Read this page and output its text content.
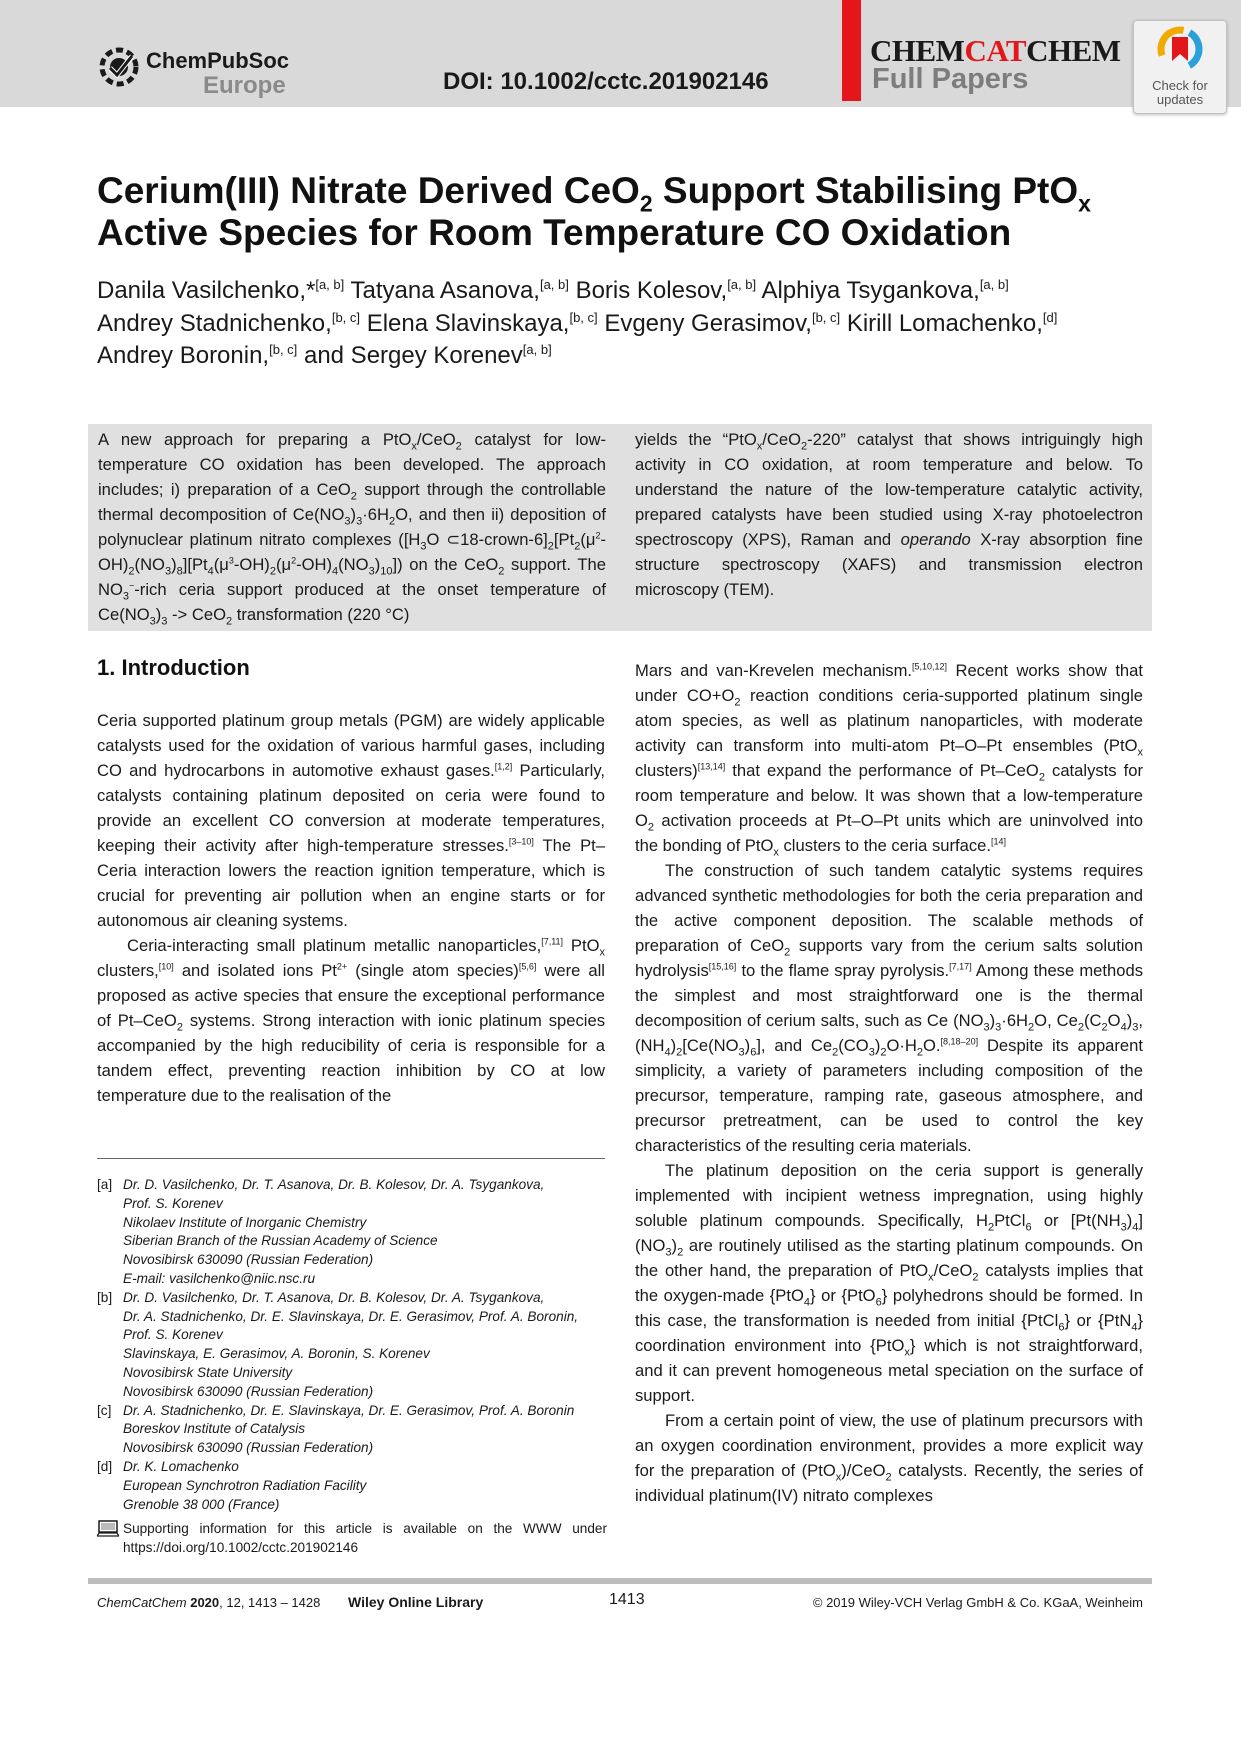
ChemPubSoc
Europe	DOI: 10.1002/cctc.201902146
CHEMCATCHEM
Full Papers	Check for
updates
Cerium(III) Nitrate Derived CeO$_2$ Support Stabilising PtO$_x$
Active Species for Room Temperature CO Oxidation
Danila Vasilchenko,*[a, b] Tatyana Asanova,[a, b] Boris Kolesov,[a, b] Alphiya Tsygankova,[a, b]
Andrey Stadnichenko,[b, c] Elena Slavinskaya,[b, c] Evgeny Gerasimov,[b, c] Kirill Lomachenko,[d]
Andrey Boronin,[b, c] and Sergey Korenev[a, b]
A new approach for preparing a PtO$_x$/CeO$_2$ catalyst for low-temperature CO oxidation has been developed. The approach includes; i) preparation of a CeO$_2$ support through the controllable thermal decomposition of $Ce(NO_3)_3\cdot 6H_2O$, and then ii) deposition of polynuclear platinum nitrato complexes ([$H_3O$ $\subset 18-crown-6]_2[Pt_2(\mu^2-OH)_2(NO_3)_8][Pt_4(\mu^3-OH)_2(\mu^2-OH)_4(NO_3)_{10}]$) on the CeO$_2$ support. The $NO_3^-$-rich ceria support produced at the onset temperature of $Ce(NO_3)_3 -> CeO_2$ transformation (220 °C)
yields the “PtO$_x$/CeO$_2$-220” catalyst that shows intriguingly high activity in CO oxidation, at room temperature and below. To understand the nature of the low-temperature catalytic activity, prepared catalysts have been studied using X-ray photoelectron spectroscopy (XPS), Raman and operando X-ray absorption fine structure spectroscopy (XAFS) and transmission electron microscopy (TEM).
1. Introduction

Ceria supported platinum group metals (PGM) are widely applicable catalysts used for the oxidation of various harmful gases, including CO and hydrocarbons in automotive exhaust gases.[1,2] Particularly, catalysts containing platinum deposited on ceria were found to provide an excellent CO conversion at moderate temperatures, keeping their activity after high-temperature stresses.[3–10] The Pt–Ceria interaction lowers the reaction ignition temperature, which is crucial for preventing air pollution when an engine starts or for autonomous air cleaning systems.

Ceria-interacting small platinum metallic nanoparticles,[7,11] PtO$_x$ clusters,[10] and isolated ions $Pt^{2+}$ (single atom species)[5,6] were all proposed as active species that ensure the exceptional performance of Pt–CeO$_2$ systems. Strong interaction with ionic platinum species accompanied by the high reducibility of ceria is responsible for a tandem effect, preventing reaction inhibition by CO at low temperature due to the realisation of the

Mars and van-Krevelen mechanism.[5,10,12] Recent works show that under $CO+O_2$ reaction conditions ceria-supported platinum single atom species, as well as platinum nanoparticles, with moderate activity can transform into multi-atom Pt–O–Pt ensembles (PtO$_x$ clusters)[13,14] that expand the performance of Pt–CeO$_2$ catalysts for room temperature and below. It was shown that a low-temperature $O_2$ activation proceeds at Pt–O–Pt units which are uninvolved into the bonding of PtO$_x$ clusters to the ceria surface.[14]

The construction of such tandem catalytic systems requires advanced synthetic methodologies for both the ceria preparation and the active component deposition. The scalable methods of preparation of CeO$_2$ supports vary from the cerium salts solution hydrolysis[15,16] to the flame spray pyrolysis.[7,17] Among these methods the simplest and most straightforward one is the thermal decomposition of cerium salts, such as Ce $(NO_3)_3\cdot 6H_2O$, $Ce_2(C_2O_4)_3$, $(NH_4)_2[Ce(NO_3)_6]$, and $Ce_2(CO_3)_2O\cdot H_2O.[8,18-20]$ Despite its apparent simplicity, a variety of parameters including composition of the precursor, temperature, ramping rate, gaseous atmosphere, and precursor pretreatment, can be used to control the key characteristics of the resulting ceria materials.

The platinum deposition on the ceria support is generally implemented with incipient wetness impregnation, using highly soluble platinum compounds. Specifically, $H_2PtCl_6$ or $[Pt(NH_3)_4](NO_3)_2$ are routinely utilised as the starting platinum compounds. On the other hand, the preparation of PtO$_x$/CeO$_2$ catalysts implies that the oxygen-made {PtO$_4$} or {PtO$_6$} polyhedrons should be formed. In this case, the transformation is needed from initial {PtCl$_6$} or {PtN$_4$} coordination environment into {PtO$_x$} which is not straightforward, and it can prevent homogeneous metal speciation on the surface of support.

From a certain point of view, the use of platinum precursors with an oxygen coordination environment, provides a more explicit way for the preparation of (PtO$_x$)/CeO$_2$ catalysts. Recently, the series of individual platinum(IV) nitrato complexes

[a] Dr. D. Vasilchenko, Dr. T. Asanova, Dr. B. Kolesov, Dr. A. Tsygankova,
Prof. S. Korenev
Nikolaev Institute of Inorganic Chemistry
Siberian Branch of the Russian Academy of Science
Novosibirsk 630090 (Russian Federation)
E-mail: vasilchenko@niic.nsc.ru
[b] Dr. D. Vasilchenko, Dr. T. Asanova, Dr. B. Kolesov, Dr. A. Tsygankova,
Dr. A. Stadnichenko, Dr. E. Slavinskaya, Dr. E. Gerasimov, Prof. A. Boronin,
Prof. S. Korenev
Slavinskaya, E. Gerasimov, A. Boronin, S. Korenev
Novosibirsk State University
Novosibirsk 630090 (Russian Federation)
[c] Dr. A. Stadnichenko, Dr. E. Slavinskaya, Dr. E. Gerasimov, Prof. A. Boronin
Boreskov Institute of Catalysis
Novosibirsk 630090 (Russian Federation)
[d] Dr. K. Lomachenko
European Synchrotron Radiation Facility
Grenoble 38 000 (France)
Supporting information for this article is available on the WWW under https://doi.org/10.1002/cctc.201902146
ChemCatChem 2020, 12, 1413 – 1428 Wiley Online Library	1413	© 2019 Wiley-VCH Verlag GmbH & Co. KGaA, Weinheim
